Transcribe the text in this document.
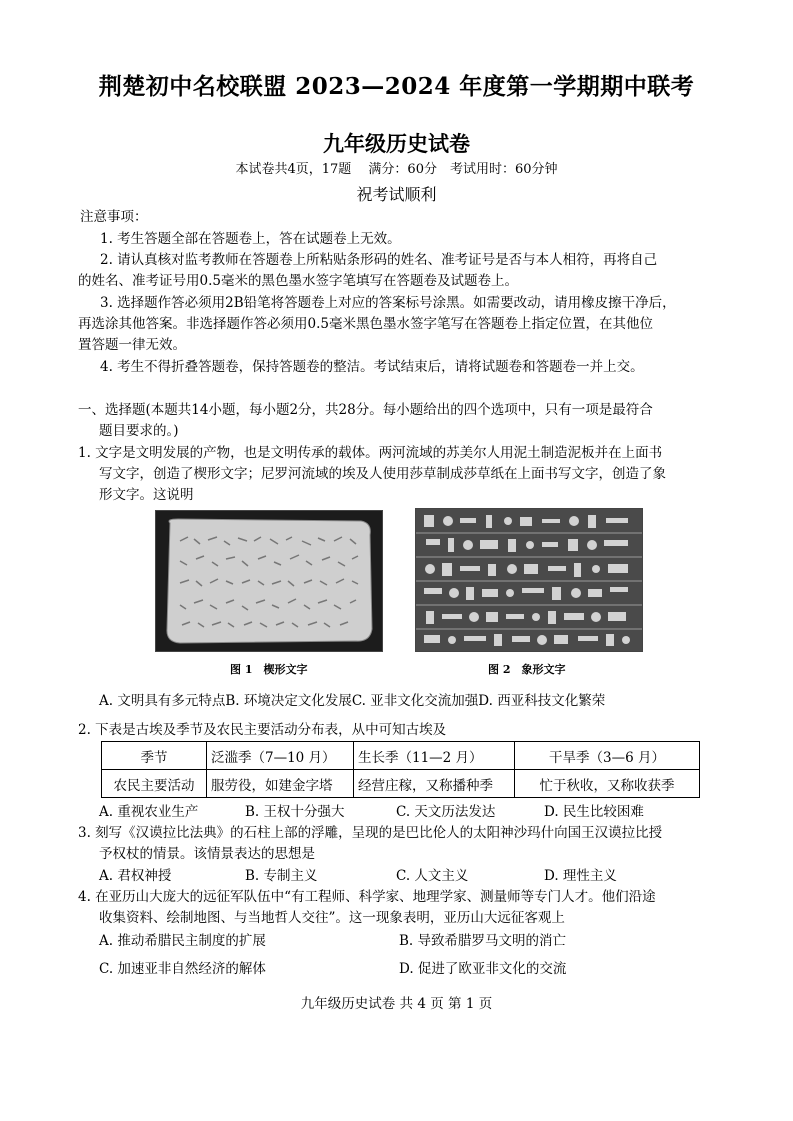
荆楚初中名校联盟 2023—2024 年度第一学期期中联考
九年级历史试卷
本试卷共4页，17题　 满分：60分　考试用时：60分钟
祝考试顺利
注意事项：
1. 考生答题全部在答题卷上，答在试题卷上无效。
2. 请认真核对监考教师在答题卷上所粘贴条形码的姓名、准考证号是否与本人相符，再将自己
的姓名、准考证号用0.5毫米的黑色墨水签字笔填写在答题卷及试题卷上。
3. 选择题作答必须用2B铅笔将答题卷上对应的答案标号涂黑。如需要改动，请用橡皮擦干净后，
再选涂其他答案。非选择题作答必须用0.5毫米黑色墨水签字笔写在答题卷上指定位置，在其他位
置答题一律无效。
4. 考生不得折叠答题卷，保持答题卷的整洁。考试结束后，请将试题卷和答题卷一并上交。
一、选择题(本题共14小题，每小题2分，共28分。每小题给出的四个选项中，只有一项是最符合
题目要求的。)
1. 文字是文明发展的产物，也是文明传承的载体。两河流域的苏美尔人用泥土制造泥板并在上面书
写文字，创造了楔形文字；尼罗河流域的埃及人使用莎草制成莎草纸在上面书写文字，创造了象
形文字。这说明
图 1　楔形文字	图 2　象形文字
A. 文明具有多元特点B. 环境决定文化发展C. 亚非文化交流加强D. 西亚科技文化繁荣
2. 下表是古埃及季节及农民主要活动分布表，从中可知古埃及
季节	泛滥季（7—10 月）	生长季（11—2 月）	干旱季（3—6 月）
农民主要活动	服劳役，如建金字塔	经营庄稼，又称播种季	忙于秋收，又称收获季
A. 重视农业生产	B. 王权十分强大	C. 天文历法发达	D. 民生比较困难
3. 刻写《汉谟拉比法典》的石柱上部的浮雕，呈现的是巴比伦人的太阳神沙玛什向国王汉谟拉比授
予权杖的情景。该情景表达的思想是
A. 君权神授	B. 专制主义	C. 人文主义	D. 理性主义
4. 在亚历山大庞大的远征军队伍中“有工程师、科学家、地理学家、测量师等专门人才。他们沿途
收集资料、绘制地图、与当地哲人交往”。这一现象表明，亚历山大远征客观上
A. 推动希腊民主制度的扩展	B. 导致希腊罗马文明的消亡
C. 加速亚非自然经济的解体	D. 促进了欧亚非文化的交流
九年级历史试卷 共 4 页 第 1 页
